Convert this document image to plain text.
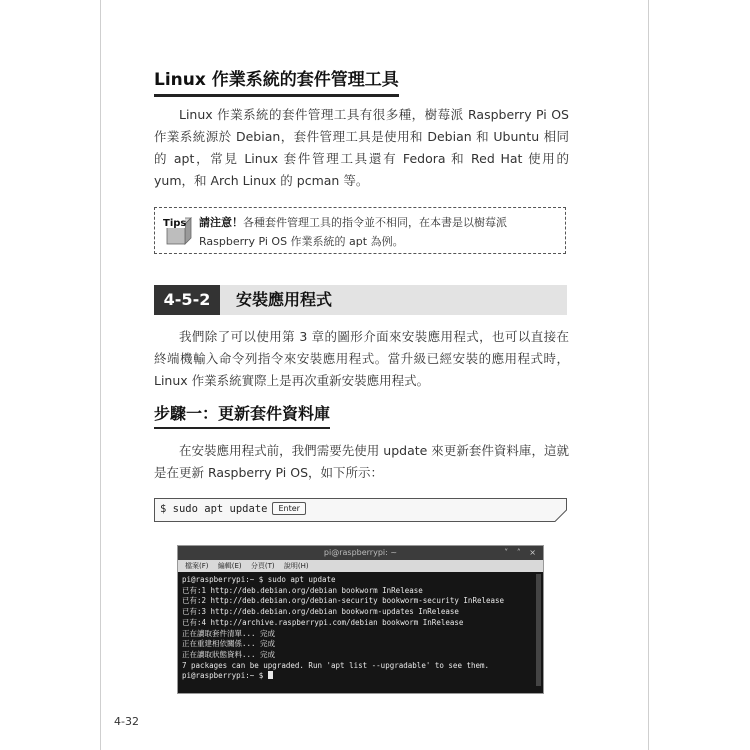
Linux 作業系統的套件管理工具

Linux 作業系統的套件管理工具有很多種，樹莓派 Raspberry Pi OS 作業系統源於 Debian，套件管理工具是使用和 Debian 和 Ubuntu 相同的 apt，常見 Linux 套件管理工具還有 Fedora 和 Red Hat 使用的 yum，和 Arch Linux 的 pcman 等。

Tips 請注意！各種套件管理工具的指令並不相同，在本書是以樹莓派 Raspberry Pi OS 作業系統的 apt 為例。
4-5-2	安裝應用程式

我們除了可以使用第 3 章的圖形介面來安裝應用程式，也可以直接在終端機輸入命令列指令來安裝應用程式。當升級已經安裝的應用程式時，Linux 作業系統實際上是再次重新安裝應用程式。

步驟一：更新套件資料庫

在安裝應用程式前，我們需要先使用 update 來更新套件資料庫，這就是在更新 Raspberry Pi OS，如下所示：

$ sudo apt update Enter
pi@raspberrypi: ~	˅ ˄ ×
檔案(F) 編輯(E) 分頁(T) 說明(H)
pi@raspberrypi:~ $ sudo apt update
已有:1 http://deb.debian.org/debian bookworm InRelease
已有:2 http://deb.debian.org/debian-security bookworm-security InRelease
已有:3 http://deb.debian.org/debian bookworm-updates InRelease
已有:4 http://archive.raspberrypi.com/debian bookworm InRelease
正在讀取套件清單... 完成
正在重建相依關係... 完成
正在讀取狀態資料... 完成
7 packages can be upgraded. Run 'apt list --upgradable' to see them.
pi@raspberrypi:~ $
4-32
